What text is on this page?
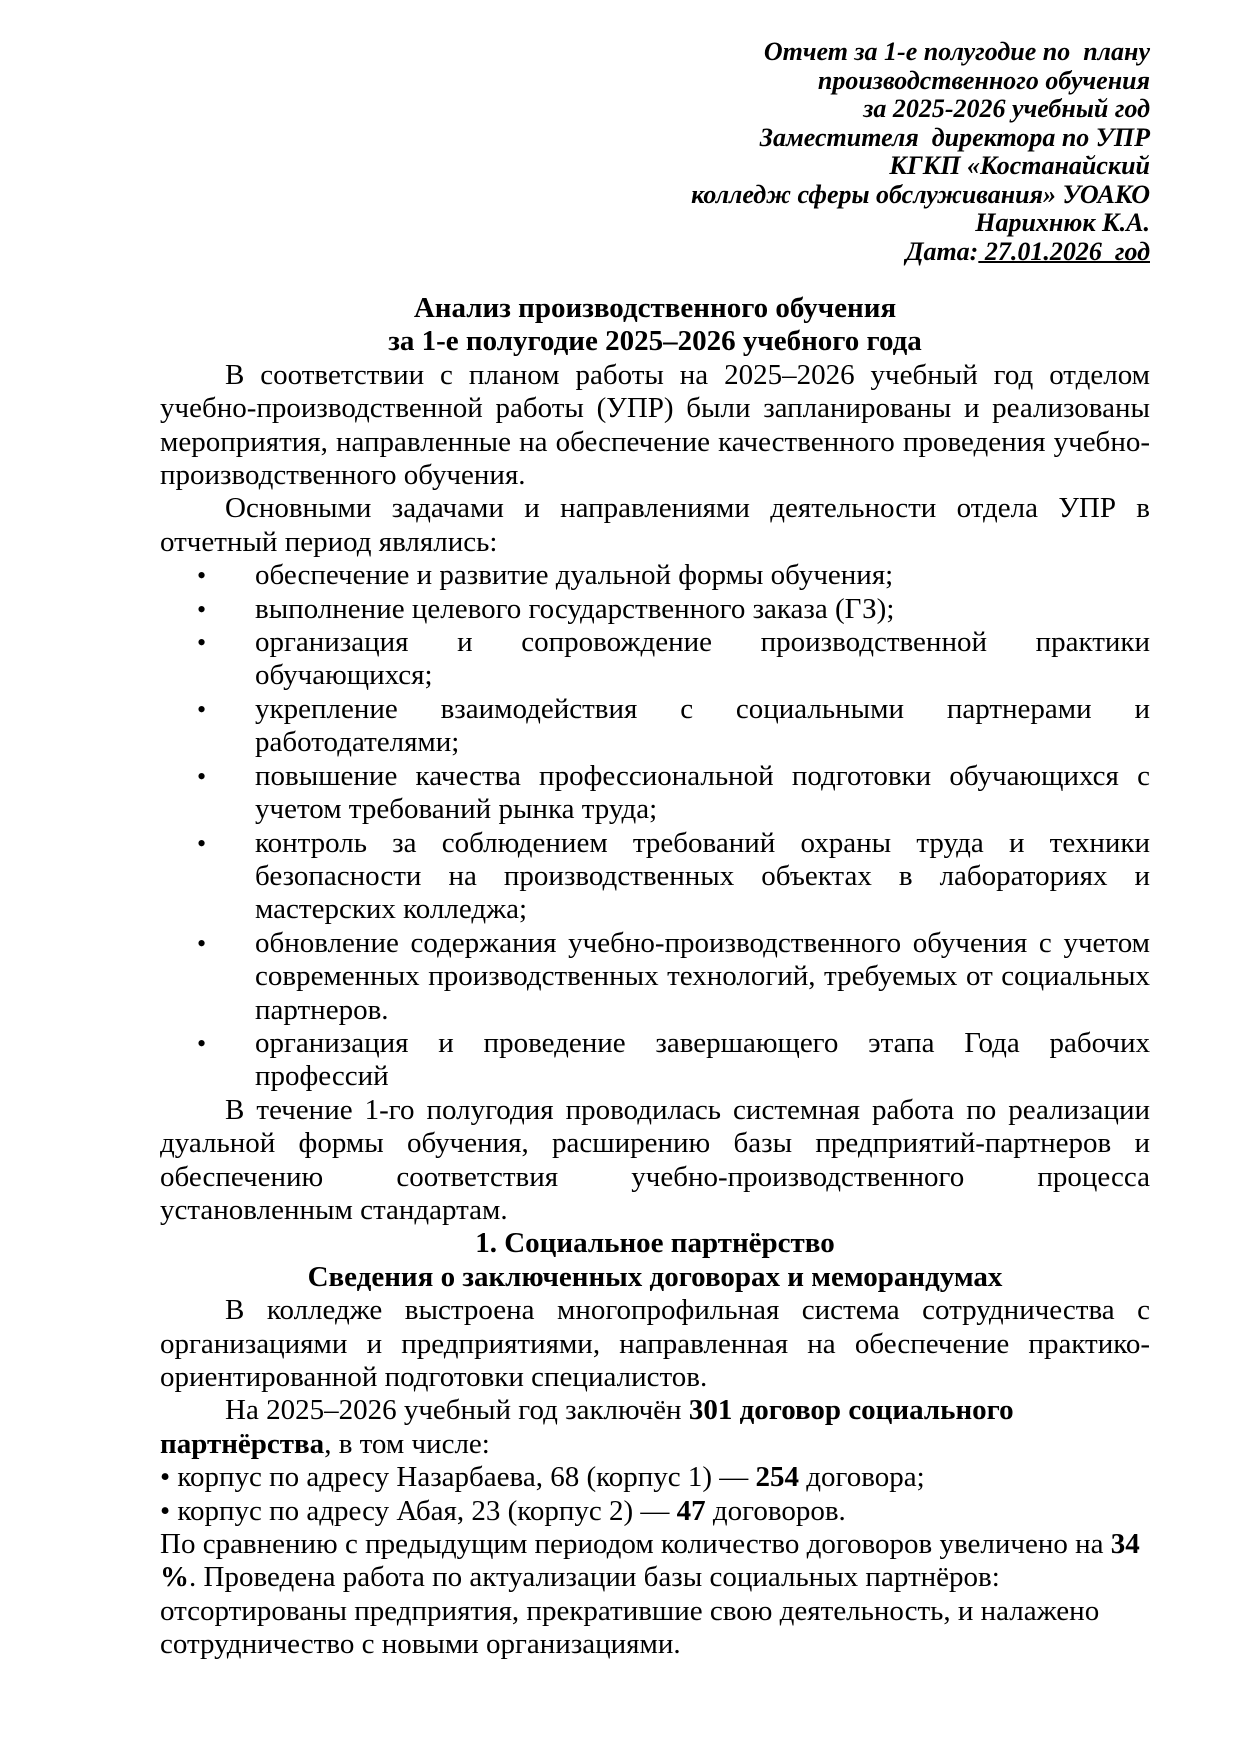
Отчет за 1-е полугодие по  плану
производственного обучения
за 2025-2026 учебный год
Заместителя  директора по УПР
КГКП «Костанайский
колледж сферы обслуживания» УОАКО
Нарихнюк К.А.
Дата: 27.01.2026  год
Анализ производственного обучения
за 1-е полугодие 2025–2026 учебного года

В соответствии с планом работы на 2025–2026 учебный год отделом учебно-производственной работы (УПР) были запланированы и реализованы мероприятия, направленные на обеспечение качественного проведения учебно-производственного обучения.

Основными задачами и направлениями деятельности отдела УПР в отчетный период являлись:

• обеспечение и развитие дуальной формы обучения;
• выполнение целевого государственного заказа (ГЗ);
• организация и сопровождение производственной практики обучающихся;
• укрепление взаимодействия с социальными партнерами и работодателями;
• повышение качества профессиональной подготовки обучающихся с учетом требований рынка труда;
• контроль за соблюдением требований охраны труда и техники безопасности на производственных объектах в лабораториях и мастерских колледжа;
• обновление содержания учебно-производственного обучения с учетом современных производственных технологий, требуемых от социальных партнеров.
• организация и проведение завершающего этапа Года рабочих профессий

В течение 1-го полугодия проводилась системная работа по реализации дуальной формы обучения, расширению базы предприятий-партнеров и обеспечению соответствия учебно-производственного процесса установленным стандартам.

1. Социальное партнёрство

Сведения о заключенных договорах и меморандумах

В колледже выстроена многопрофильная система сотрудничества с организациями и предприятиями, направленная на обеспечение практико-ориентированной подготовки специалистов.

На 2025–2026 учебный год заключён 301 договор социального партнёрства, в том числе:

• корпус по адресу Назарбаева, 68 (корпус 1) — 254 договора;

• корпус по адресу Абая, 23 (корпус 2) — 47 договоров.

По сравнению с предыдущим периодом количество договоров увеличено на 34 %. Проведена работа по актуализации базы социальных партнёров: отсортированы предприятия, прекратившие свою деятельность, и налажено сотрудничество с новыми организациями.
